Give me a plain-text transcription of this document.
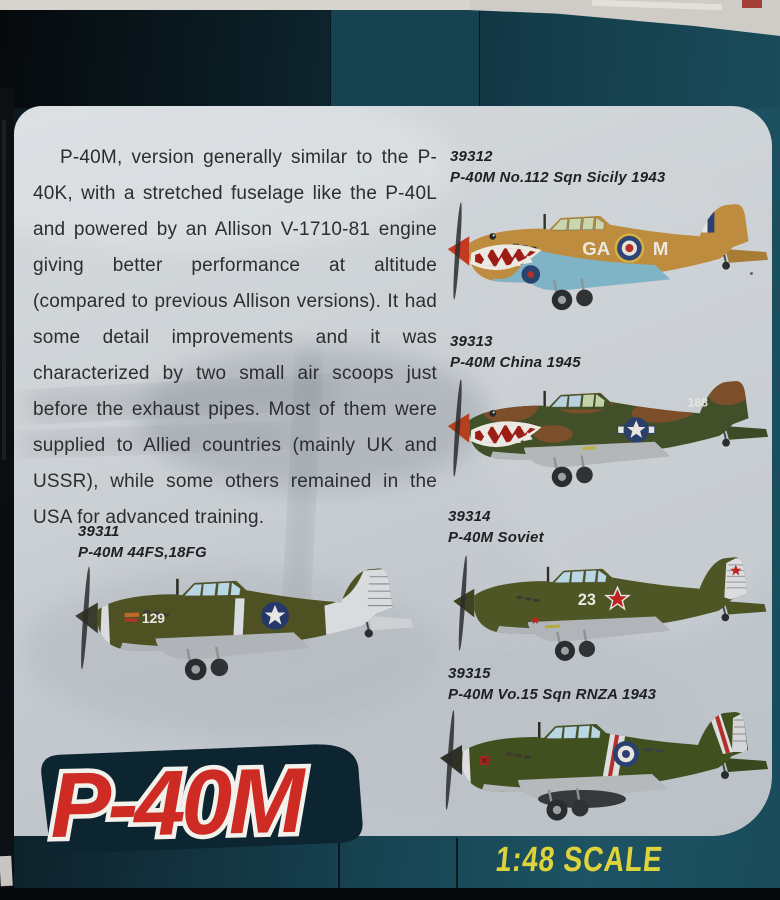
P-40M, version generally similar to the P-40K, with a stretched fuselage like the P-40L and powered by an Allison V-1710-81 engine giving better performance at altitude (compared to previous Allison versions). It had some detail improvements and it was characterized by two small air scoops just before the exhaust pipes. Most of them were supplied to Allied countries (mainly UK and USSR), while some others remained in the USA for advanced training.
39312
P-40M No.112 Sqn Sicily 1943
39313
P-40M China 1945
39311
P-40M 44FS,18FG
39314
P-40M Soviet
39315
P-40M Vo.15 Sqn RNZA 1943
GA M
188
129
23
P-40M
1:48 SCALE
